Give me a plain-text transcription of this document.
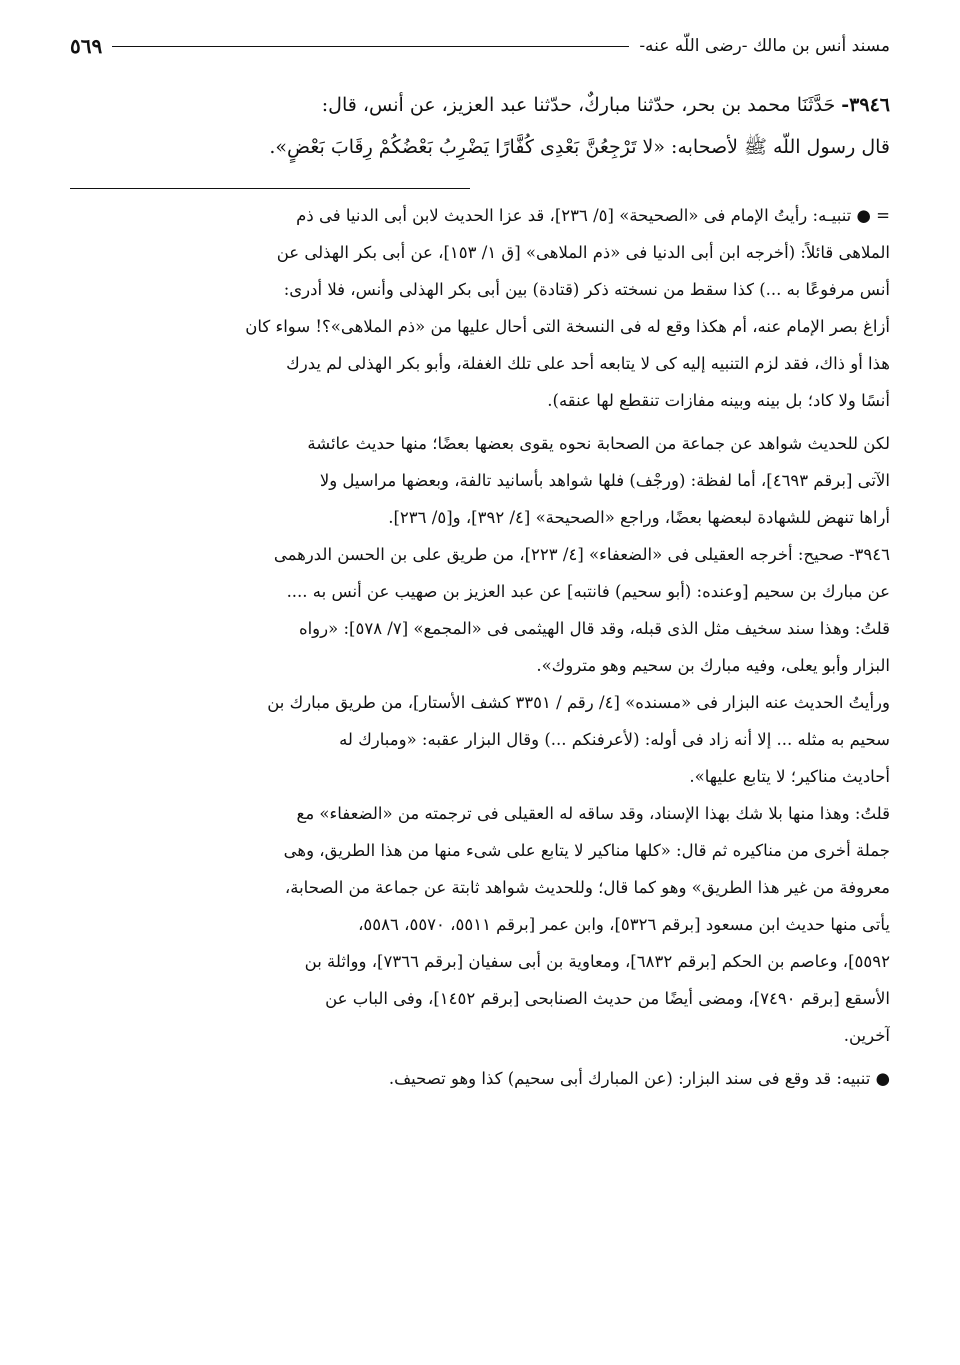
مسند أنس بن مالك -رضى اللّه عنه-
٥٦٩
٣٩٤٦- حَدَّثَنَا محمد بن بحر، حدّثنا مباركٌ، حدّثنا عبد العزيز، عن أنس، قال:
قال رسول اللّه ﷺ لأصحابه: «لا تَرْجِعُنَّ بَعْدِى كُفَّارًا يَضْرِبُ بَعْضُكُمْ رِقَابَ بَعْضٍ».
= ● تنبيـه: رأيتُ الإمام فى «الصحيحة» [٥/ ٢٣٦]، قد عزا الحديث لابن أبى الدنيا فى ذم
الملاهى قائلاً: (أخرجه ابن أبى الدنيا فى «ذم الملاهى» [ق ١/ ١٥٣]، عن أبى بكر الهذلى عن
أنس مرفوعًا به ...) كذا سقط من نسخته ذكر (قتادة) بين أبى بكر الهذلى وأنس، فلا أدرى:
أزاغ بصر الإمام عنه، أم هكذا وقع له فى النسخة التى أحال عليها من «ذم الملاهى»؟! سواء كان
هذا أو ذاك، فقد لزم التنبيه إليه كى لا يتابعه أحد على تلك الغفلة، وأبو بكر الهذلى لم يدرك
أنسًا ولا كاد؛ بل بينه وبينه مفازات تنقطع لها عنقه).
لكن للحديث شواهد عن جماعة من الصحابة نحوه يقوى بعضها بعضًا؛ منها حديث عائشة
الآتى [برقم ٤٦٩٣]، أما لفظة: (ورجْف) فلها شواهد بأسانيد تالفة، وبعضها مراسيل ولا
أراها تنهض للشهادة لبعضها بعضًا، وراجع «الصحيحة» [٤/ ٣٩٢]، و[٥/ ٢٣٦].
٣٩٤٦- صحيح: أخرجه العقيلى فى «الضعفاء» [٤/ ٢٢٣]، من طريق على بن الحسن الدرهمى
عن مبارك بن سحيم [وعنده: (أبو سحيم) فانتبه] عن عبد العزيز بن صهيب عن أنس به ....
قلتُ: وهذا سند سخيف مثل الذى قبله، وقد قال الهيثمى فى «المجمع» [٧/ ٥٧٨]: «رواه
البزار وأبو يعلى، وفيه مبارك بن سحيم وهو متروك».
ورأيتُ الحديث عنه البزار فى «مسنده» [٤/ رقم / ٣٣٥١ كشف الأستار]، من طريق مبارك بن
سحيم به مثله ... إلا أنه زاد فى أوله: (لأعرفنكم ...) وقال البزار عقبه: «ومبارك له
أحاديث مناكير؛ لا يتابع عليها».
قلتُ: وهذا منها بلا شك بهذا الإسناد، وقد ساقه له العقيلى فى ترجمته من «الضعفاء» مع
جملة أخرى من مناكيره ثم قال: «كلها مناكير لا يتابع على شىء منها من هذا الطريق، وهى
معروفة من غير هذا الطريق» وهو كما قال؛ وللحديث شواهد ثابتة عن جماعة من الصحابة،
يأتى منها حديث ابن مسعود [برقم ٥٣٢٦]، وابن عمر [برقم ٥٥١١، ٥٥٧٠، ٥٥٨٦،
٥٥٩٢]، وعاصم بن الحكم [برقم ٦٨٣٢]، ومعاوية بن أبى سفيان [برقم ٧٣٦٦]، وواثلة بن
الأسقع [برقم ٧٤٩٠]، ومضى أيضًا من حديث الصنابحى [برقم ١٤٥٢]، وفى الباب عن
آخرين.
● تنبيه: قد وقع فى سند البزار: (عن المبارك أبى سحيم) كذا وهو تصحيف.
